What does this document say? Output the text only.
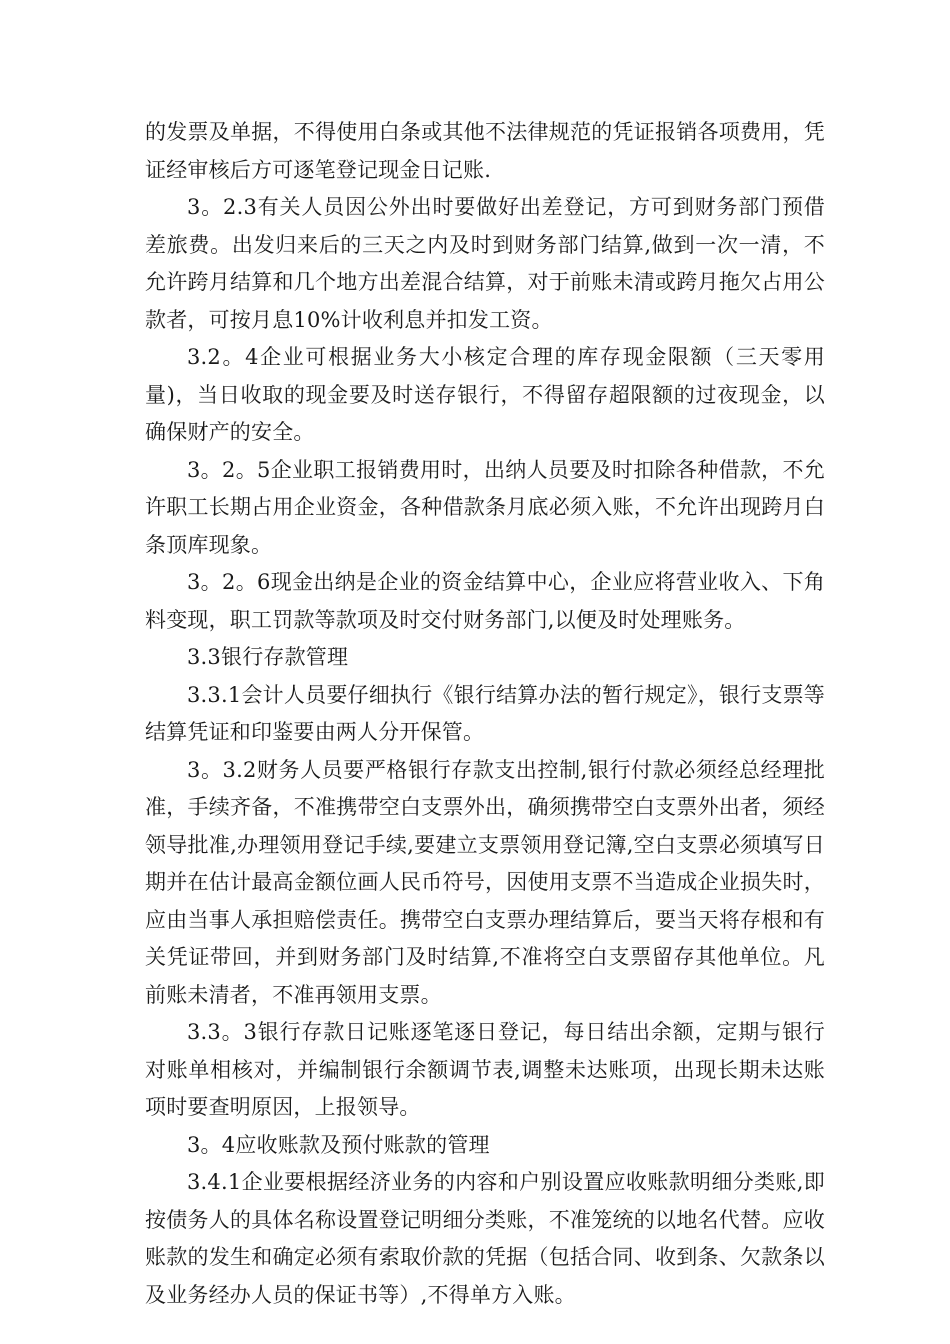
的发票及单据，不得使用白条或其他不法律规范的凭证报销各项费用，凭证经审核后方可逐笔登记现金日记账.

3。2.3有关人员因公外出时要做好出差登记，方可到财务部门预借差旅费。出发归来后的三天之内及时到财务部门结算,做到一次一清，不允许跨月结算和几个地方出差混合结算，对于前账未清或跨月拖欠占用公款者，可按月息10%计收利息并扣发工资。

3.2。4企业可根据业务大小核定合理的库存现金限额（三天零用量)，当日收取的现金要及时送存银行，不得留存超限额的过夜现金，以确保财产的安全。

3。2。5企业职工报销费用时，出纳人员要及时扣除各种借款，不允许职工长期占用企业资金，各种借款条月底必须入账，不允许出现跨月白条顶库现象。

3。2。6现金出纳是企业的资金结算中心，企业应将营业收入、下角料变现，职工罚款等款项及时交付财务部门,以便及时处理账务。

3.3银行存款管理

3.3.1会计人员要仔细执行《银行结算办法的暂行规定》，银行支票等结算凭证和印鉴要由两人分开保管。

3。3.2财务人员要严格银行存款支出控制,银行付款必须经总经理批准，手续齐备，不准携带空白支票外出，确须携带空白支票外出者，须经领导批准,办理领用登记手续,要建立支票领用登记簿,空白支票必须填写日期并在估计最高金额位画人民币符号，因使用支票不当造成企业损失时，应由当事人承担赔偿责任。携带空白支票办理结算后，要当天将存根和有关凭证带回，并到财务部门及时结算,不准将空白支票留存其他单位。凡前账未清者，不准再领用支票。

3.3。3银行存款日记账逐笔逐日登记，每日结出余额，定期与银行对账单相核对，并编制银行余额调节表,调整未达账项，出现长期未达账项时要查明原因，上报领导。

3。4应收账款及预付账款的管理

3.4.1企业要根据经济业务的内容和户别设置应收账款明细分类账,即按债务人的具体名称设置登记明细分类账，不准笼统的以地名代替。应收账款的发生和确定必须有索取价款的凭据（包括合同、收到条、欠款条以及业务经办人员的保证书等）,不得单方入账。
